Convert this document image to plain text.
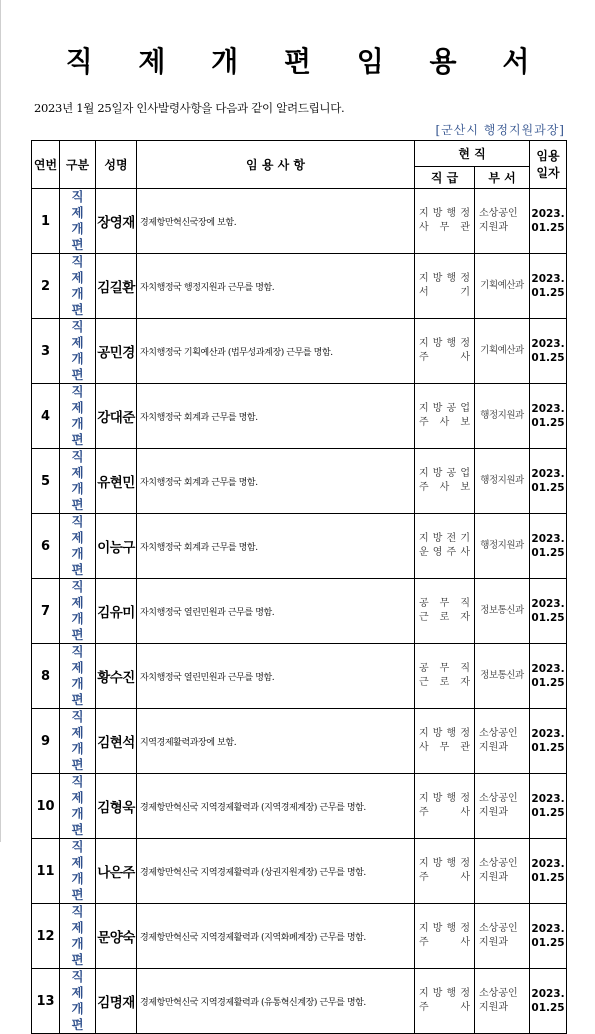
직 제 개 편 임 용 서
2023년 1월 25일자 인사발령사항을 다음과 같이 알려드립니다.
[군산시 행정지원과장]
연번	구분	성명	임 용 사 항	현 직		임용일자
				직 급	부 서	
1	직제개편	장영재	경제항만혁신국장에 보함.	지 방 행 정
사 무 관	소상공인
지원과	2023.
01.25

2	직제개편	김길환	자치행정국 행정지원과 근무를 명함.	지 방 행 정
서 기	기획예산과	2023.
01.25

3	직제개편	공민경	자치행정국 기획예산과 (법무성과계장) 근무를 명함.	지 방 행 정
주 사	기획예산과	2023.
01.25

4	직제개편	강대준	자치행정국 회계과 근무를 명함.	지 방 공 업
주 사 보	행정지원과	2023.
01.25

5	직제개편	유현민	자치행정국 회계과 근무를 명함.	지 방 공 업
주 사 보	행정지원과	2023.
01.25

6	직제개편	이능구	자치행정국 회계과 근무를 명함.	지 방 전 기
운 영 주 사	행정지원과	2023.
01.25

7	직제개편	김유미	자치행정국 열린민원과 근무를 명함.	공 무 직
근 로 자	정보통신과	2023.
01.25

8	직제개편	황수진	자치행정국 열린민원과 근무를 명함.	공 무 직
근 로 자	정보통신과	2023.
01.25

9	직제개편	김현석	지역경제활력과장에 보함.	지 방 행 정
사 무 관	소상공인
지원과	2023.
01.25

10	직제개편	김형욱	경제항만혁신국 지역경제활력과 (지역경제계장) 근무를 명함.	지 방 행 정
주 사	소상공인
지원과	2023.
01.25

11	직제개편	나은주	경제항만혁신국 지역경제활력과 (상권지원계장) 근무를 명함.	지 방 행 정
주 사	소상공인
지원과	2023.
01.25

12	직제개편	문양숙	경제항만혁신국 지역경제활력과 (지역화폐계장) 근무를 명함.	지 방 행 정
주 사	소상공인
지원과	2023.
01.25

13	직제개편	김명재	경제항만혁신국 지역경제활력과 (유통혁신계장) 근무를 명함.	지 방 행 정
주 사	소상공인
지원과	2023.
01.25
